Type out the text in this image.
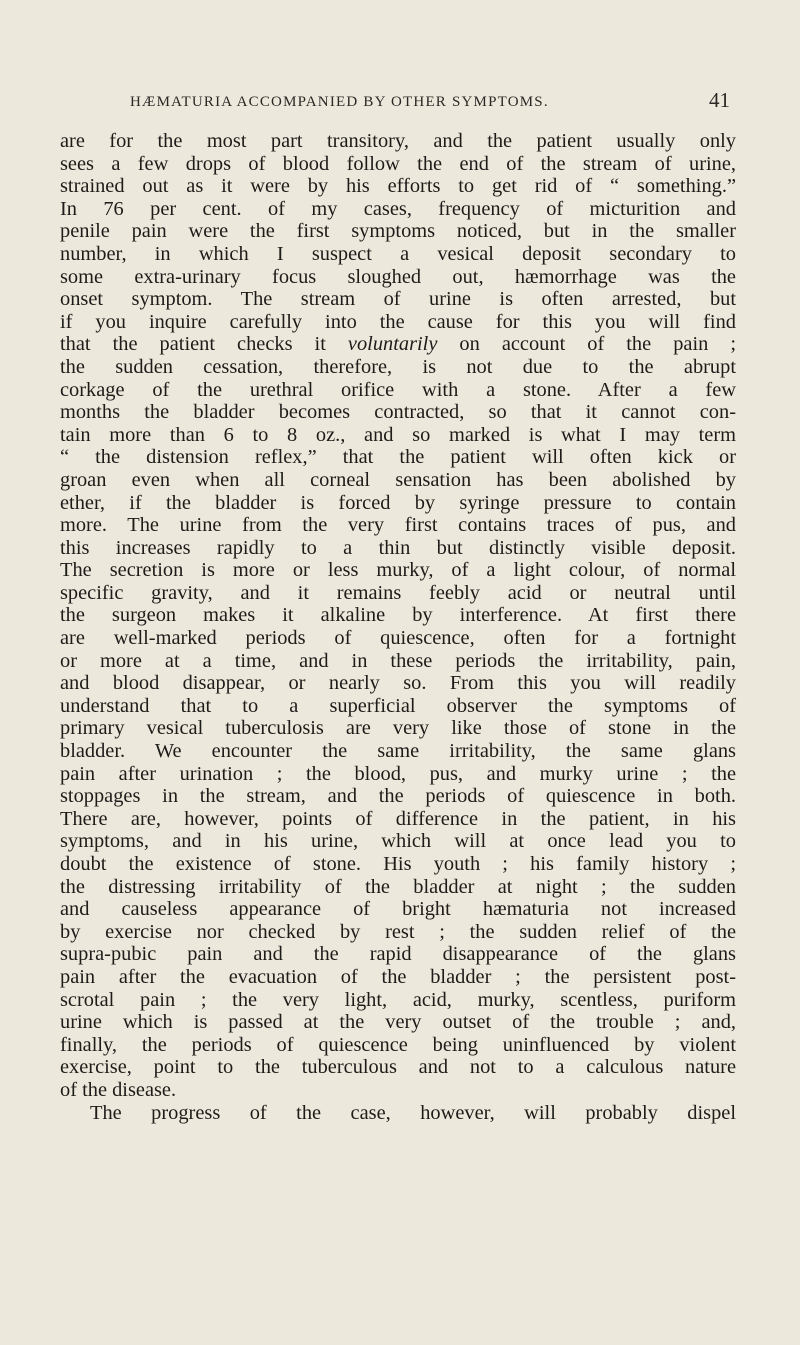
HÆMATURIA ACCOMPANIED BY OTHER SYMPTOMS.	41
are for the most part transitory, and the patient usually only
sees a few drops of blood follow the end of the stream of urine,
strained out as it were by his efforts to get rid of “ something.”
In 76 per cent. of my cases, frequency of micturition and
penile pain were the first symptoms noticed, but in the smaller
number, in which I suspect a vesical deposit secondary to
some extra-urinary focus sloughed out, hæmorrhage was the
onset symptom. The stream of urine is often arrested, but
if you inquire carefully into the cause for this you will find
that the patient checks it voluntarily on account of the pain ;
the sudden cessation, therefore, is not due to the abrupt
corkage of the urethral orifice with a stone. After a few
months the bladder becomes contracted, so that it cannot con-
tain more than 6 to 8 oz., and so marked is what I may term
“ the distension reflex,” that the patient will often kick or
groan even when all corneal sensation has been abolished by
ether, if the bladder is forced by syringe pressure to contain
more. The urine from the very first contains traces of pus, and
this increases rapidly to a thin but distinctly visible deposit.
The secretion is more or less murky, of a light colour, of normal
specific gravity, and it remains feebly acid or neutral until
the surgeon makes it alkaline by interference. At first there
are well-marked periods of quiescence, often for a fortnight
or more at a time, and in these periods the irritability, pain,
and blood disappear, or nearly so. From this you will readily
understand that to a superficial observer the symptoms of
primary vesical tuberculosis are very like those of stone in the
bladder. We encounter the same irritability, the same glans
pain after urination ; the blood, pus, and murky urine ; the
stoppages in the stream, and the periods of quiescence in both.
There are, however, points of difference in the patient, in his
symptoms, and in his urine, which will at once lead you to
doubt the existence of stone. His youth ; his family history ;
the distressing irritability of the bladder at night ; the sudden
and causeless appearance of bright hæmaturia not increased
by exercise nor checked by rest ; the sudden relief of the
supra-pubic pain and the rapid disappearance of the glans
pain after the evacuation of the bladder ; the persistent post-
scrotal pain ; the very light, acid, murky, scentless, puriform
urine which is passed at the very outset of the trouble ; and,
finally, the periods of quiescence being uninfluenced by violent
exercise, point to the tuberculous and not to a calculous nature
of the disease.
The progress of the case, however, will probably dispel
